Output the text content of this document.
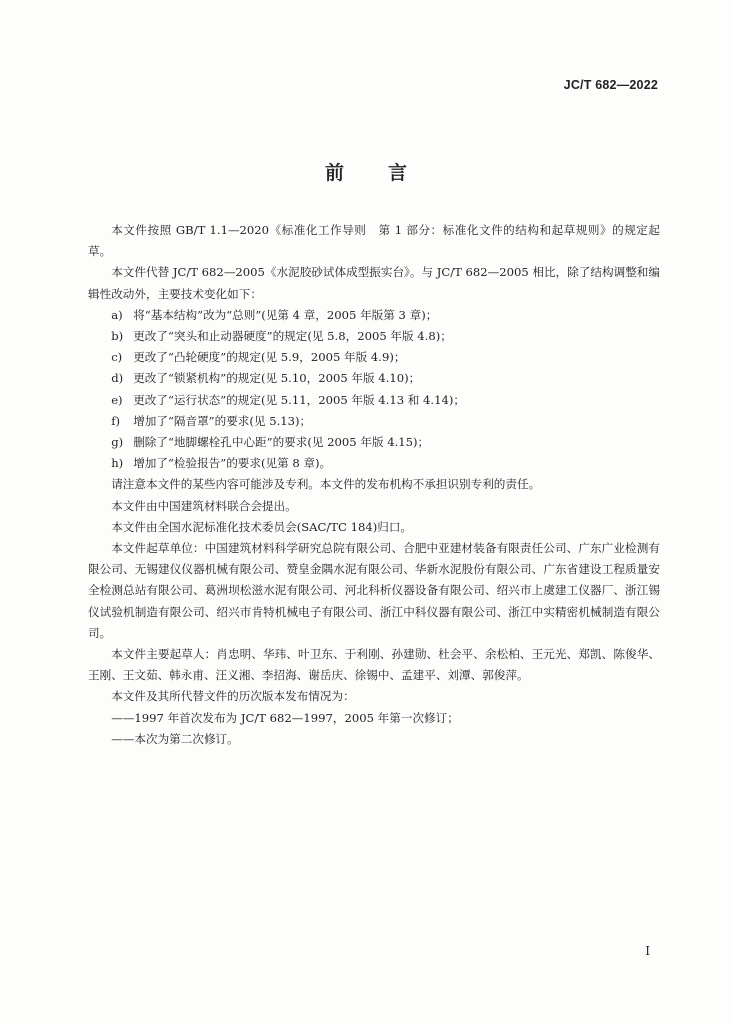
JC/T 682—2022
前 言

本文件按照 GB/T 1.1—2020《标准化工作导则　第 1 部分：标准化文件的结构和起草规则》的规定起草。

本文件代替 JC/T 682—2005《水泥胶砂试体成型振实台》。与 JC/T 682—2005 相比，除了结构调整和编辑性改动外，主要技术变化如下：

a) 将“基本结构”改为“总则”(见第 4 章，2005 年版第 3 章)；

b) 更改了“突头和止动器硬度”的规定(见 5.8，2005 年版 4.8)；

c) 更改了“凸轮硬度”的规定(见 5.9，2005 年版 4.9)；

d) 更改了“锁紧机构”的规定(见 5.10，2005 年版 4.10)；

e) 更改了“运行状态”的规定(见 5.11，2005 年版 4.13 和 4.14)；

f) 增加了“隔音罩”的要求(见 5.13)；

g) 删除了“地脚螺栓孔中心距”的要求(见 2005 年版 4.15)；

h) 增加了“检验报告”的要求(见第 8 章)。

请注意本文件的某些内容可能涉及专利。本文件的发布机构不承担识别专利的责任。

本文件由中国建筑材料联合会提出。

本文件由全国水泥标准化技术委员会(SAC/TC 184)归口。

本文件起草单位：中国建筑材料科学研究总院有限公司、合肥中亚建材装备有限责任公司、广东广业检测有限公司、无锡建仪仪器机械有限公司、赞皇金隅水泥有限公司、华新水泥股份有限公司、广东省建设工程质量安全检测总站有限公司、葛洲坝松滋水泥有限公司、河北科析仪器设备有限公司、绍兴市上虞建工仪器厂、浙江锡仪试验机制造有限公司、绍兴市肯特机械电子有限公司、浙江中科仪器有限公司、浙江中实精密机械制造有限公司。

本文件主要起草人：肖忠明、华玮、叶卫东、于利刚、孙建勋、杜会平、余松柏、王元光、郑凯、陈俊华、王刚、王文茹、韩永甫、汪义湘、李招海、谢岳庆、徐锡中、孟建平、刘潭、郭俊萍。

本文件及其所代替文件的历次版本发布情况为：

——1997 年首次发布为 JC/T 682—1997，2005 年第一次修订；

——本次为第二次修订。

I
